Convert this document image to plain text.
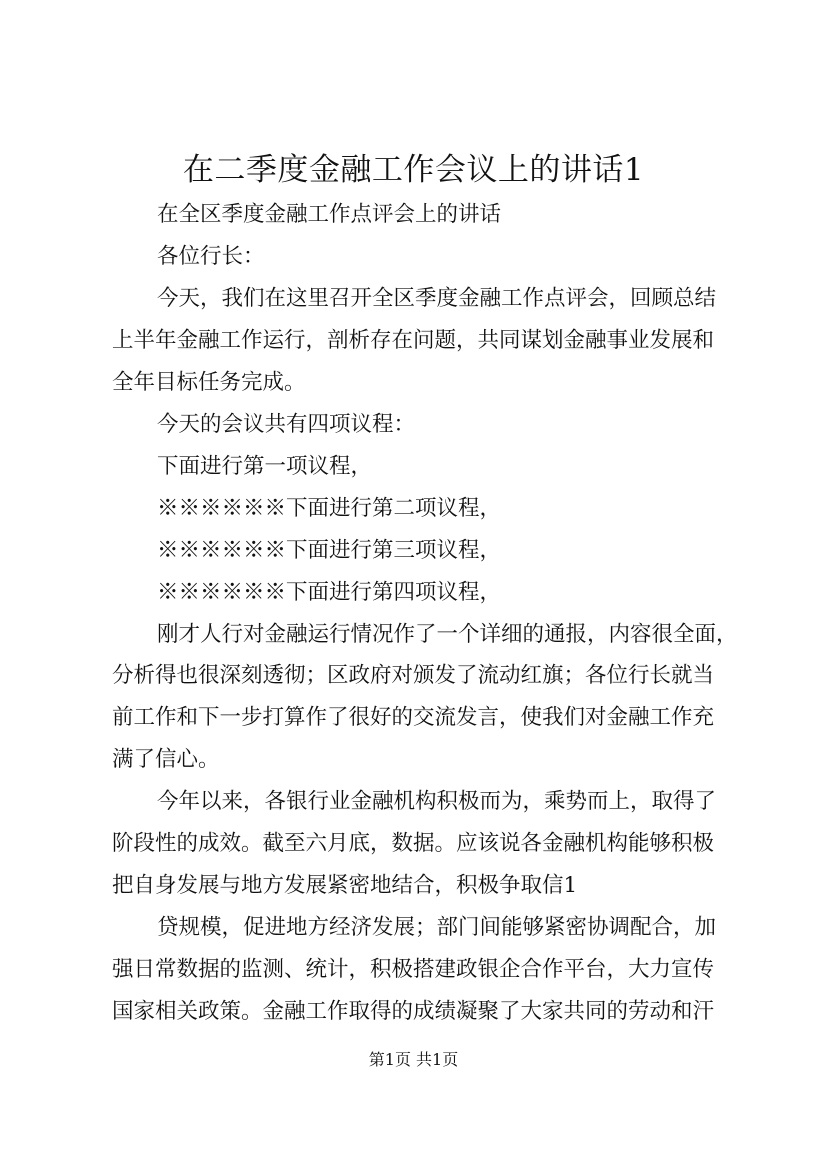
在二季度金融工作会议上的讲话1
在全区季度金融工作点评会上的讲话
各位行长：
今天，我们在这里召开全区季度金融工作点评会，回顾总结
上半年金融工作运行，剖析存在问题，共同谋划金融事业发展和
全年目标任务完成。
今天的会议共有四项议程：
下面进行第一项议程，
※※※※※※下面进行第二项议程，
※※※※※※下面进行第三项议程，
※※※※※※下面进行第四项议程，
刚才人行对金融运行情况作了一个详细的通报，内容很全面，
分析得也很深刻透彻；区政府对颁发了流动红旗；各位行长就当
前工作和下一步打算作了很好的交流发言，使我们对金融工作充
满了信心。
今年以来，各银行业金融机构积极而为，乘势而上，取得了
阶段性的成效。截至六月底，数据。应该说各金融机构能够积极
把自身发展与地方发展紧密地结合，积极争取信1
贷规模，促进地方经济发展；部门间能够紧密协调配合，加
强日常数据的监测、统计，积极搭建政银企合作平台，大力宣传
国家相关政策。金融工作取得的成绩凝聚了大家共同的劳动和汗
第1页 共1页
